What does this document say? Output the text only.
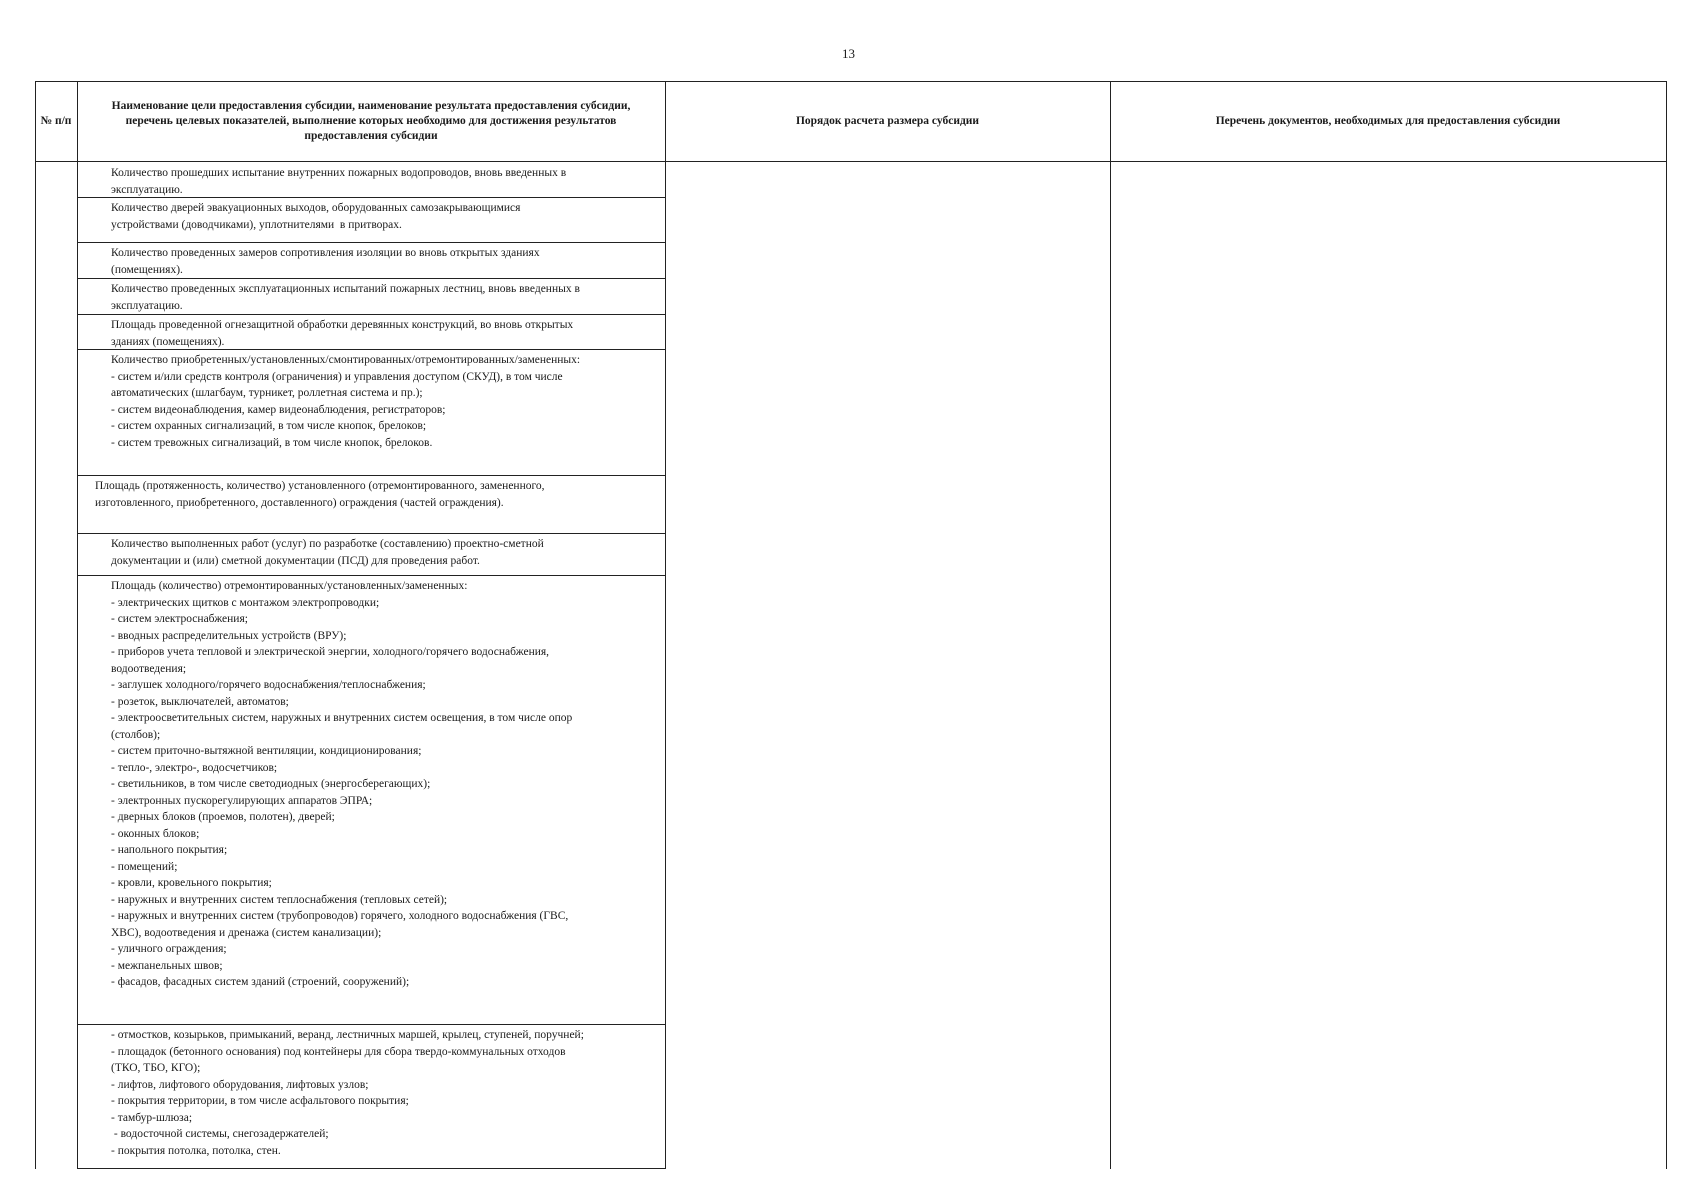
13
№ п/п
Наименование цели предоставления субсидии, наименование результата предоставления субсидии, перечень целевых показателей, выполнение которых необходимо для достижения результатов предоставления субсидии
Порядок расчета размера субсидии	Перечень документов, необходимых для предоставления субсидии
Количество прошедших испытание внутренних пожарных водопроводов, вновь введенных в
эксплуатацию.
Количество дверей эвакуационных выходов, оборудованных самозакрывающимися
устройствами (доводчиками), уплотнителями  в притворах.
Количество проведенных замеров сопротивления изоляции во вновь открытых зданиях
(помещениях).
Количество проведенных эксплуатационных испытаний пожарных лестниц, вновь введенных в
эксплуатацию.
Площадь проведенной огнезащитной обработки деревянных конструкций, во вновь открытых
зданиях (помещениях).
Количество приобретенных/установленных/смонтированных/отремонтированных/замененных:
- систем и/или средств контроля (ограничения) и управления доступом (СКУД), в том числе
автоматических (шлагбаум, турникет, роллетная система и пр.);
- систем видеонаблюдения, камер видеонаблюдения, регистраторов;
- систем охранных сигнализаций, в том числе кнопок, брелоков;
- систем тревожных сигнализаций, в том числе кнопок, брелоков.
Площадь (протяженность, количество) установленного (отремонтированного, замененного,
изготовленного, приобретенного, доставленного) ограждения (частей ограждения).
Количество выполненных работ (услуг) по разработке (составлению) проектно-сметной
документации и (или) сметной документации (ПСД) для проведения работ.
Площадь (количество) отремонтированных/установленных/замененных:
- электрических щитков с монтажом электропроводки;
- систем электроснабжения;
- вводных распределительных устройств (ВРУ);
- приборов учета тепловой и электрической энергии, холодного/горячего водоснабжения,
водоотведения;
- заглушек холодного/горячего водоснабжения/теплоснабжения;
- розеток, выключателей, автоматов;
- электроосветительных систем, наружных и внутренних систем освещения, в том числе опор
(столбов);
- систем приточно-вытяжной вентиляции, кондиционирования;
- тепло-, электро-, водосчетчиков;
- светильников, в том числе светодиодных (энергосберегающих);
- электронных пускорегулирующих аппаратов ЭПРА;
- дверных блоков (проемов, полотен), дверей;
- оконных блоков;
- напольного покрытия;
- помещений;
- кровли, кровельного покрытия;
- наружных и внутренних систем теплоснабжения (тепловых сетей);
- наружных и внутренних систем (трубопроводов) горячего, холодного водоснабжения (ГВС,
ХВС), водоотведения и дренажа (систем канализации);
- уличного ограждения;
- межпанельных швов;
- фасадов, фасадных систем зданий (строений, сооружений);
- отмостков, козырьков, примыканий, веранд, лестничных маршей, крылец, ступеней, поручней;
- площадок (бетонного основания) под контейнеры для сбора твердо-коммунальных отходов
(ТКО, ТБО, КГО);
- лифтов, лифтового оборудования, лифтовых узлов;
- покрытия территории, в том числе асфальтового покрытия;
- тамбур-шлюза;
- водосточной системы, снегозадержателей;
- покрытия потолка, потолка, стен.
